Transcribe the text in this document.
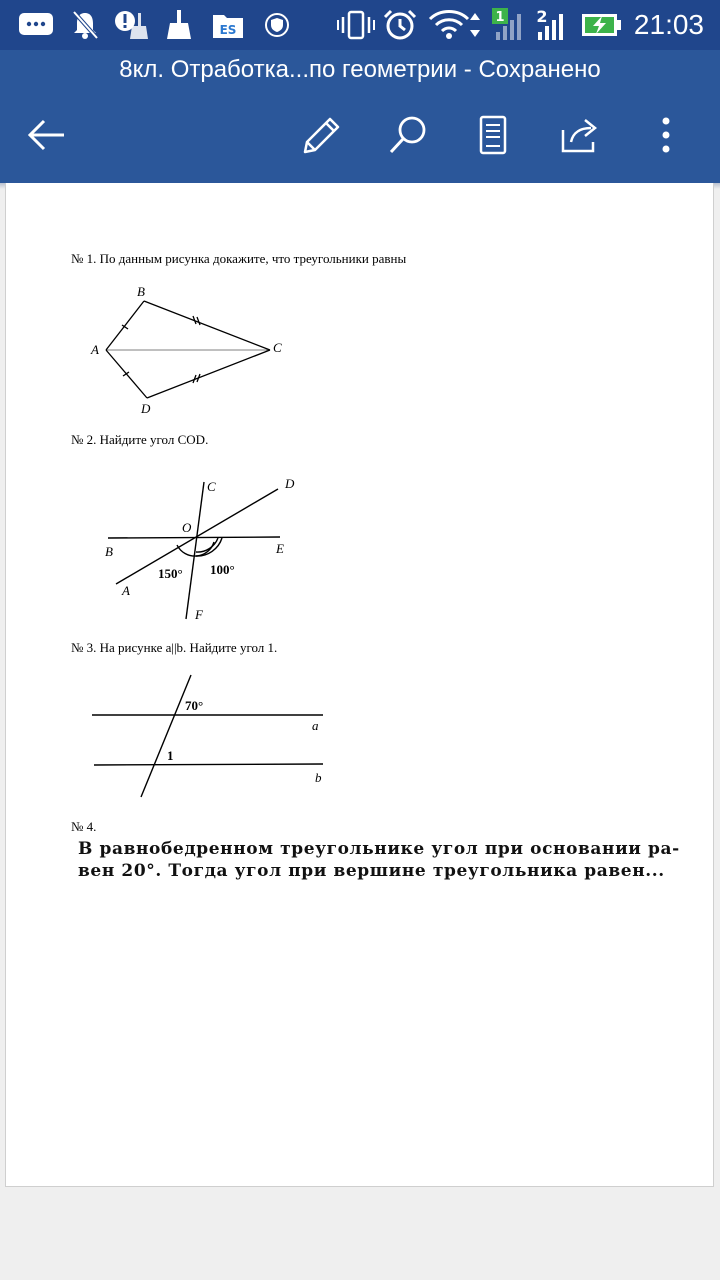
ES
1 2	21:03
8кл. Отработка...по геометрии - Сохранено
№ 1. По данным рисунка докажите, что треугольники равны
A
B
C
D
№ 2. Найдите угол COD.
C	D
O
B	E
A
F
150° 100°
№ 3. На рисунке a||b. Найдите угол 1.
70°
1
a
b
№ 4.
В равнобедренном треугольнике угол при основании ра-
вен 20°. Тогда угол при вершине треугольника равен...
